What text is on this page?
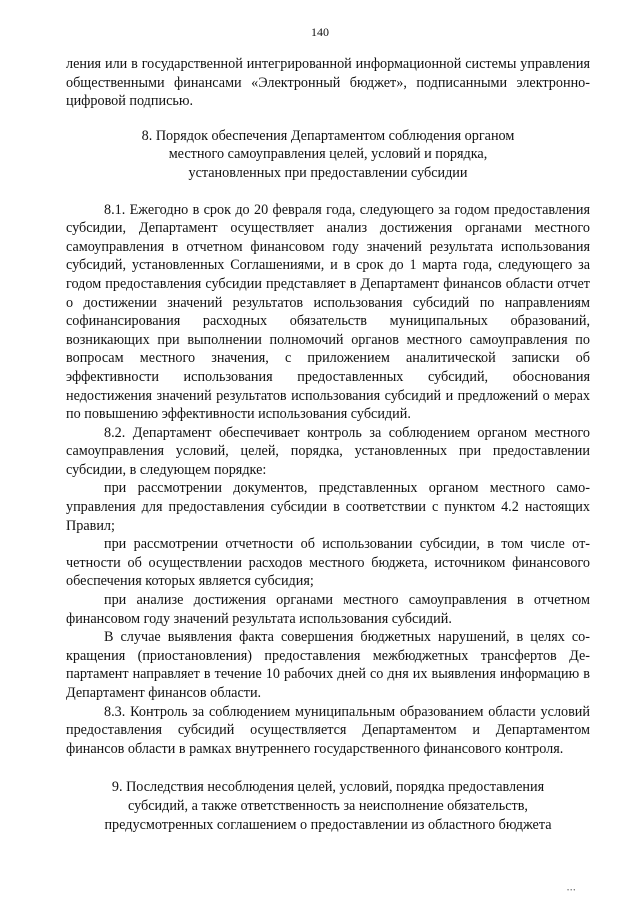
140

ления или в государственной интегрированной информационной системы управления общественными финансами «Электронный бюджет», подписанными электронно-цифровой подписью.

8. Порядок обеспечения Департаментом соблюдения органом
местного самоуправления целей, условий и порядка,
установленных при предоставлении субсидии

8.1. Ежегодно в срок до 20 февраля года, следующего за годом предоставления субсидии, Департамент осуществляет анализ достижения органами местного самоуправления в отчетном финансовом году значений результата использования субсидий, установленных Соглашениями, и в срок до 1 марта года, следующего за годом предоставления субсидии представляет в Департамент финансов области отчет о достижении значений результатов использования субсидий по направлениям софинансирования расходных обязательств муниципальных образований, возникающих при выполнении полномочий органов местного самоуправления по вопросам местного значения, с приложением аналитической записки об эффективности использования предоставленных субсидий, обоснования недостижения значений результатов использования субсидий и предложений о мерах по повышению эффективности использования субсидий.

8.2. Департамент обеспечивает контроль за соблюдением органом местного самоуправления условий, целей, порядка, установленных при предоставлении субсидии, в следующем порядке:

при рассмотрении документов, представленных органом местного самоуправления для предоставления субсидии в соответствии с пунктом 4.2 настоящих Правил;

при рассмотрении отчетности об использовании субсидии, в том числе отчетности об осуществлении расходов местного бюджета, источником финансового обеспечения которых является субсидия;

при анализе достижения органами местного самоуправления в отчетном финансовом году значений результата использования субсидий.

В случае выявления факта совершения бюджетных нарушений, в целях сокращения (приостановления) предоставления межбюджетных трансфертов Департамент направляет в течение 10 рабочих дней со дня их выявления информацию в Департамент финансов области.

8.3. Контроль за соблюдением муниципальным образованием области условий предоставления субсидий осуществляется Департаментом и Департаментом финансов области в рамках внутреннего государственного финансового контроля.

9. Последствия несоблюдения целей, условий, порядка предоставления
субсидий, а также ответственность за неисполнение обязательств,
предусмотренных соглашением о предоставлении из областного бюджета

•••
